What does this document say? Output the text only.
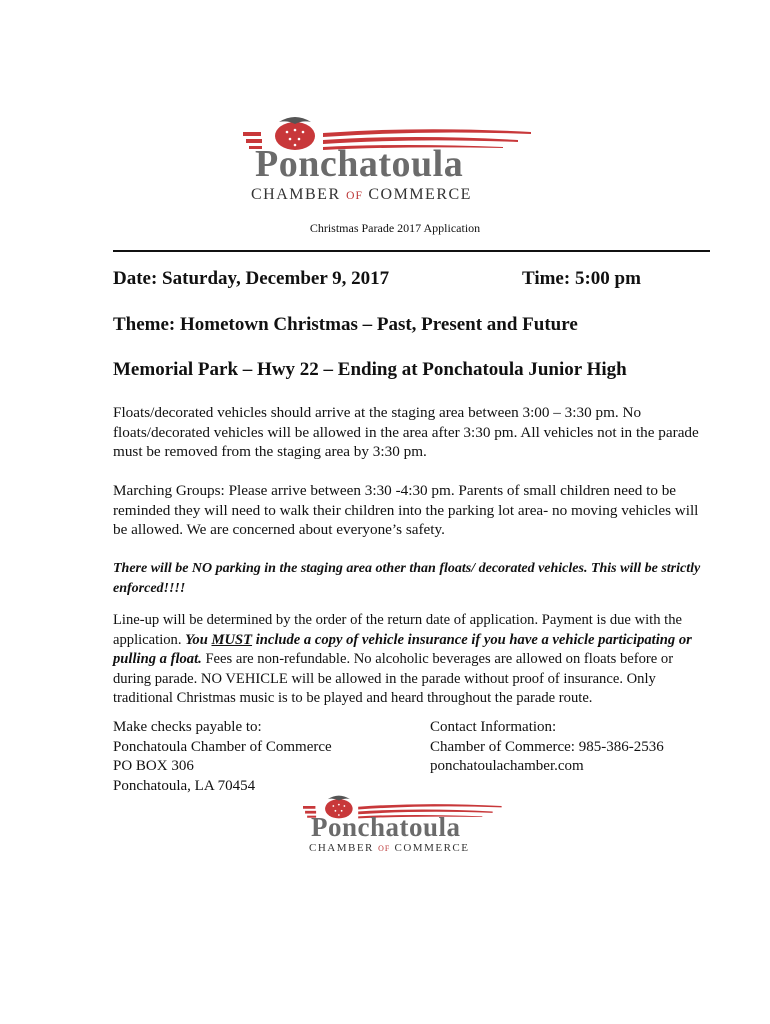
Ponchatoula
CHAMBER OF COMMERCE
Christmas Parade 2017 Application
Date: Saturday, December 9, 2017	Time: 5:00 pm
Theme: Hometown Christmas – Past, Present and Future
Memorial Park – Hwy 22 – Ending at Ponchatoula Junior High
Floats/decorated vehicles should arrive at the staging area between 3:00 – 3:30 pm. No floats/decorated vehicles will be allowed in the area after 3:30 pm. All vehicles not in the parade must be removed from the staging area by 3:30 pm.
Marching Groups: Please arrive between 3:30 -4:30 pm. Parents of small children need to be reminded they will need to walk their children into the parking lot area- no moving vehicles will be allowed. We are concerned about everyone’s safety.
There will be NO parking in the staging area other than floats/ decorated vehicles. This will be strictly enforced!!!!
Line-up will be determined by the order of the return date of application. Payment is due with the application. You MUST include a copy of vehicle insurance if you have a vehicle participating or pulling a float. Fees are non-refundable. No alcoholic beverages are allowed on floats before or during parade. NO VEHICLE will be allowed in the parade without proof of insurance. Only traditional Christmas music is to be played and heard throughout the parade route.
Make checks payable to:
Ponchatoula Chamber of Commerce
PO BOX 306
Ponchatoula, LA 70454
Contact Information:
Chamber of Commerce: 985-386-2536
ponchatoulachamber.com
Ponchatoula
CHAMBER OF COMMERCE
